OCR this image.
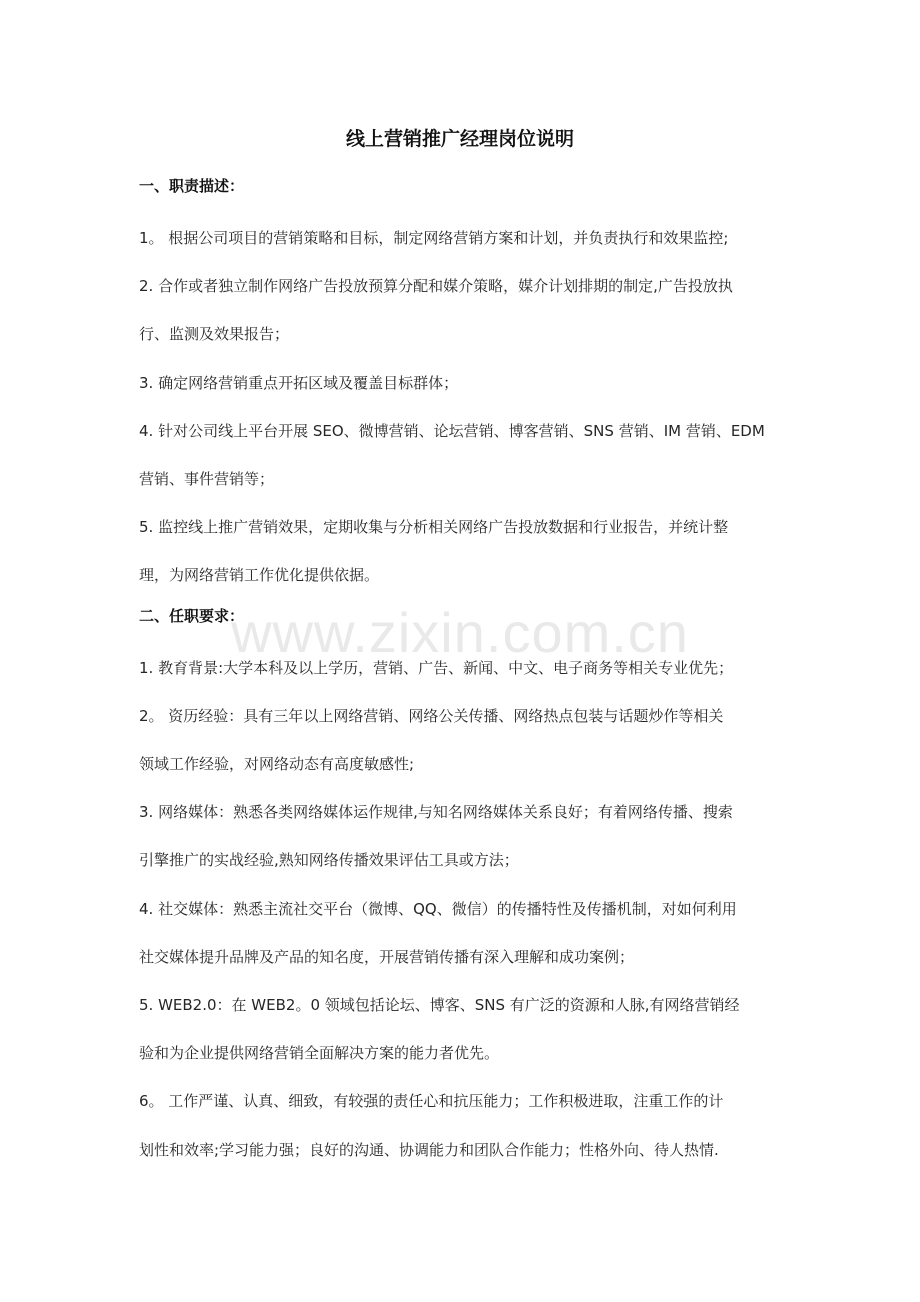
线上营销推广经理岗位说明
一、职责描述：

1。 根据公司项目的营销策略和目标，制定网络营销方案和计划，并负责执行和效果监控;

2. 合作或者独立制作网络广告投放预算分配和媒介策略，媒介计划排期的制定,广告投放执
行、监测及效果报告；

3. 确定网络营销重点开拓区域及覆盖目标群体；

4. 针对公司线上平台开展 SEO、微博营销、论坛营销、博客营销、SNS 营销、IM 营销、EDM
营销、事件营销等；

5. 监控线上推广营销效果，定期收集与分析相关网络广告投放数据和行业报告，并统计整
理，为网络营销工作优化提供依据。

二、任职要求：

1. 教育背景:大学本科及以上学历，营销、广告、新闻、中文、电子商务等相关专业优先；

2。 资历经验：具有三年以上网络营销、网络公关传播、网络热点包装与话题炒作等相关
领域工作经验，对网络动态有高度敏感性;

3. 网络媒体：熟悉各类网络媒体运作规律,与知名网络媒体关系良好；有着网络传播、搜索
引擎推广的实战经验,熟知网络传播效果评估工具或方法；

4. 社交媒体：熟悉主流社交平台（微博、QQ、微信）的传播特性及传播机制，对如何利用
社交媒体提升品牌及产品的知名度，开展营销传播有深入理解和成功案例；

5. WEB2.0：在 WEB2。0 领域包括论坛、博客、SNS 有广泛的资源和人脉,有网络营销经
验和为企业提供网络营销全面解决方案的能力者优先。

6。 工作严谨、认真、细致，有较强的责任心和抗压能力；工作积极进取，注重工作的计
划性和效率;学习能力强；良好的沟通、协调能力和团队合作能力；性格外向、待人热情.

www.zixin.com.cn
